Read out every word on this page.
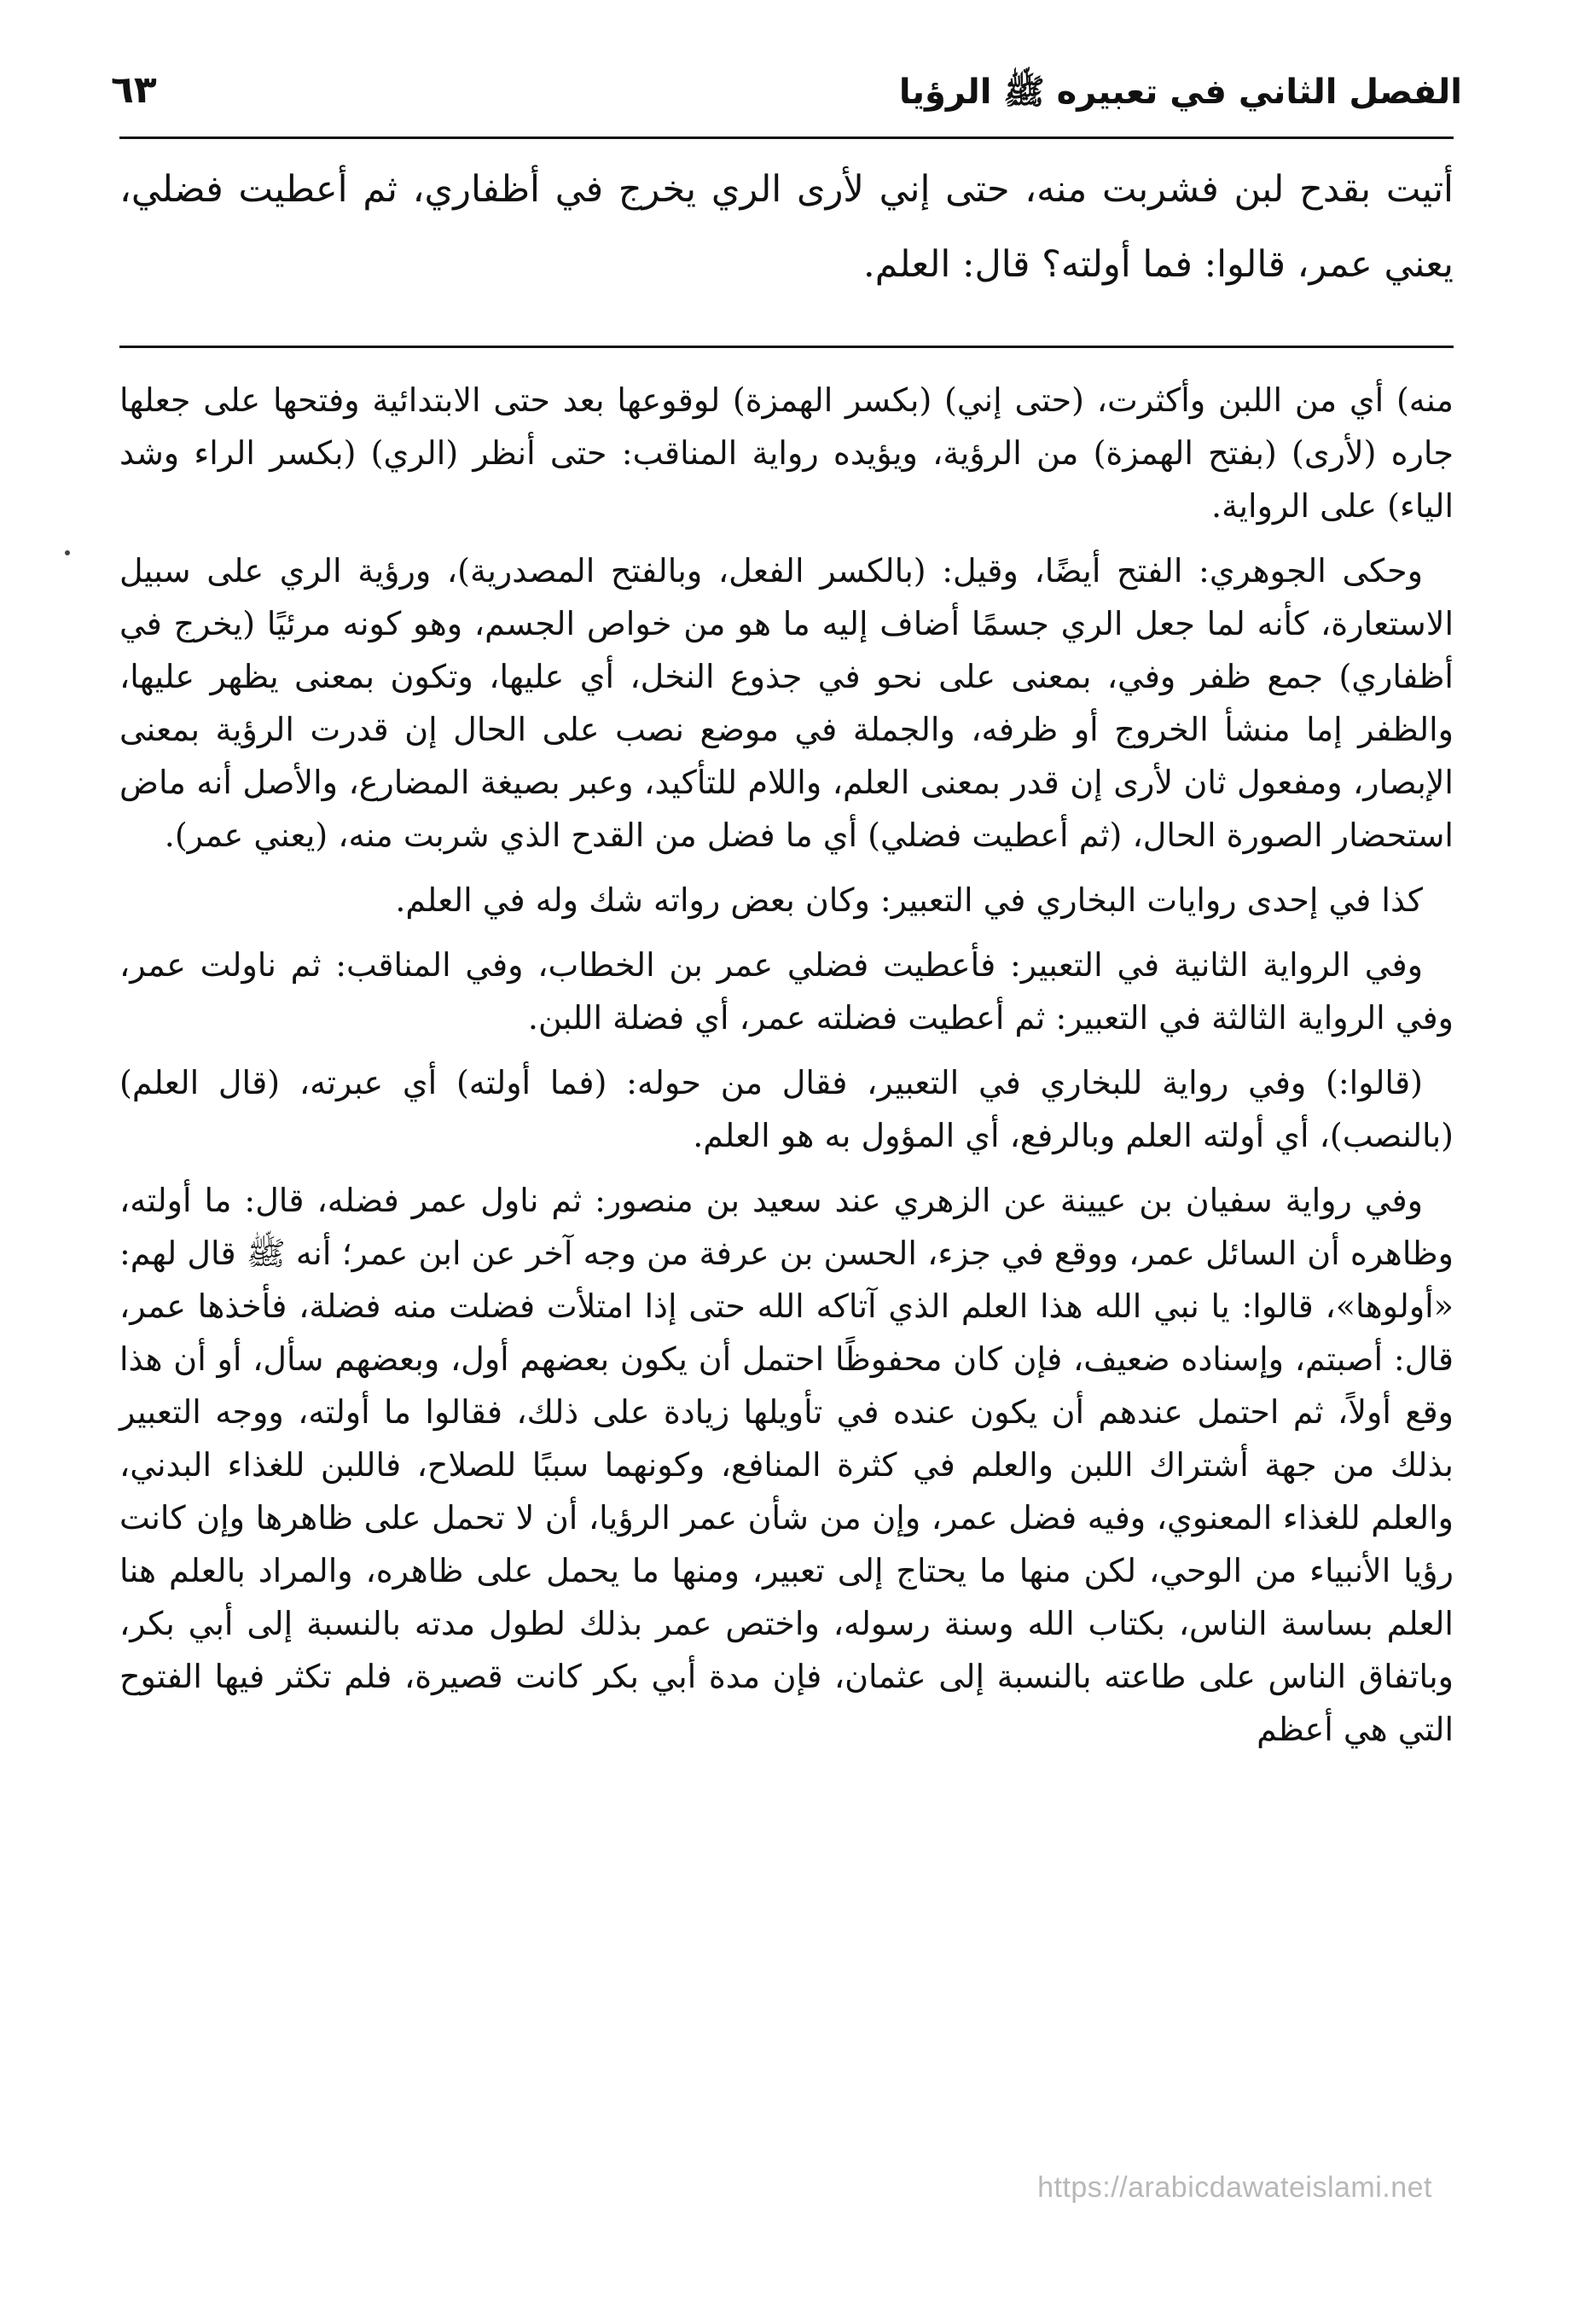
الفصل الثاني في تعبيره ﷺ الرؤيا
٦٣
أتيت بقدح لبن فشربت منه، حتى إني لأرى الري يخرج في أظفاري، ثم أعطيت فضلي، يعني عمر، قالوا: فما أولته؟ قال: العلم.

منه) أي من اللبن وأكثرت، (حتى إني) (بكسر الهمزة) لوقوعها بعد حتى الابتدائية وفتحها على جعلها جاره (لأرى) (بفتح الهمزة) من الرؤية، ويؤيده رواية المناقب: حتى أنظر (الري) (بكسر الراء وشد الياء) على الرواية.

وحكى الجوهري: الفتح أيضًا، وقيل: (بالكسر الفعل، وبالفتح المصدرية)، ورؤية الري على سبيل الاستعارة، كأنه لما جعل الري جسمًا أضاف إليه ما هو من خواص الجسم، وهو كونه مرئيًا (يخرج في أظفاري) جمع ظفر وفي، بمعنى على نحو في جذوع النخل، أي عليها، وتكون بمعنى يظهر عليها، والظفر إما منشأ الخروج أو ظرفه، والجملة في موضع نصب على الحال إن قدرت الرؤية بمعنى الإبصار، ومفعول ثان لأرى إن قدر بمعنى العلم، واللام للتأكيد، وعبر بصيغة المضارع، والأصل أنه ماض استحضار الصورة الحال، (ثم أعطيت فضلي) أي ما فضل من القدح الذي شربت منه، (يعني عمر).

كذا في إحدى روايات البخاري في التعبير: وكان بعض رواته شك وله في العلم.

وفي الرواية الثانية في التعبير: فأعطيت فضلي عمر بن الخطاب، وفي المناقب: ثم ناولت عمر، وفي الرواية الثالثة في التعبير: ثم أعطيت فضلته عمر، أي فضلة اللبن.

(قالوا:) وفي رواية للبخاري في التعبير، فقال من حوله: (فما أولته) أي عبرته، (قال العلم) (بالنصب)، أي أولته العلم وبالرفع، أي المؤول به هو العلم.

وفي رواية سفيان بن عيينة عن الزهري عند سعيد بن منصور: ثم ناول عمر فضله، قال: ما أولته، وظاهره أن السائل عمر، ووقع في جزء، الحسن بن عرفة من وجه آخر عن ابن عمر؛ أنه ﷺ قال لهم: «أولوها»، قالوا: يا نبي الله هذا العلم الذي آتاكه الله حتى إذا امتلأت فضلت منه فضلة، فأخذها عمر، قال: أصبتم، وإسناده ضعيف، فإن كان محفوظًا احتمل أن يكون بعضهم أول، وبعضهم سأل، أو أن هذا وقع أولاً، ثم احتمل عندهم أن يكون عنده في تأويلها زيادة على ذلك، فقالوا ما أولته، ووجه التعبير بذلك من جهة أشتراك اللبن والعلم في كثرة المنافع، وكونهما سببًا للصلاح، فاللبن للغذاء البدني، والعلم للغذاء المعنوي، وفيه فضل عمر، وإن من شأن عمر الرؤيا، أن لا تحمل على ظاهرها وإن كانت رؤيا الأنبياء من الوحي، لكن منها ما يحتاج إلى تعبير، ومنها ما يحمل على ظاهره، والمراد بالعلم هنا العلم بساسة الناس، بكتاب الله وسنة رسوله، واختص عمر بذلك لطول مدته بالنسبة إلى أبي بكر، وباتفاق الناس على طاعته بالنسبة إلى عثمان، فإن مدة أبي بكر كانت قصيرة، فلم تكثر فيها الفتوح التي هي أعظم

https://arabicdawateislami.net
